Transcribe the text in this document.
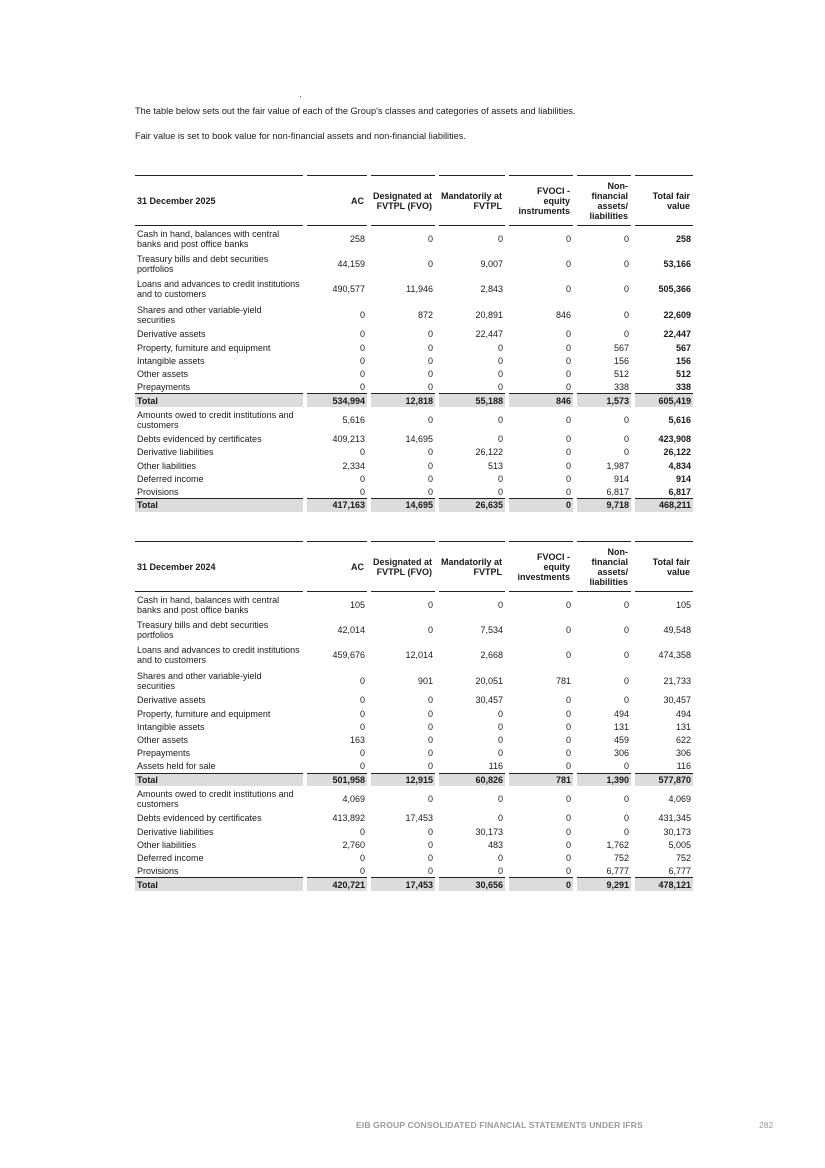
The table below sets out the fair value of each of the Group's classes and categories of assets and liabilities.

Fair value is set to book value for non-financial assets and non-financial liabilities.

31 December 2025	AC	Designated at FVTPL (FVO)	Mandatorily at FVTPL	FVOCI - equity instruments	Non-financial assets/ liabilities	Total fair value
Cash in hand, balances with central banks and post office banks	258	0	0	0	0	258
Treasury bills and debt securities portfolios	44,159	0	9,007	0	0	53,166
Loans and advances to credit institutions and to customers	490,577	11,946	2,843	0	0	505,366
Shares and other variable-yield securities	0	872	20,891	846	0	22,609
Derivative assets	0	0	22,447	0	0	22,447
Property, furniture and equipment	0	0	0	0	567	567
Intangible assets	0	0	0	0	156	156
Other assets	0	0	0	0	512	512
Prepayments	0	0	0	0	338	338
Total	534,994	12,818	55,188	846	1,573	605,419
Amounts owed to credit institutions and customers	5,616	0	0	0	0	5,616
Debts evidenced by certificates	409,213	14,695	0	0	0	423,908
Derivative liabilities	0	0	26,122	0	0	26,122
Other liabilities	2,334	0	513	0	1,987	4,834
Deferred income	0	0	0	0	914	914
Provisions	0	0	0	0	6,817	6,817
Total	417,163	14,695	26,635	0	9,718	468,211
31 December 2024	AC	Designated at FVTPL (FVO)	Mandatorily at FVTPL	FVOCI - equity investments	Non-financial assets/ liabilities	Total fair value
Cash in hand, balances with central banks and post office banks	105	0	0	0	0	105
Treasury bills and debt securities portfolios	42,014	0	7,534	0	0	49,548
Loans and advances to credit institutions and to customers	459,676	12,014	2,668	0	0	474,358
Shares and other variable-yield securities	0	901	20,051	781	0	21,733
Derivative assets	0	0	30,457	0	0	30,457
Property, furniture and equipment	0	0	0	0	494	494
Intangible assets	0	0	0	0	131	131
Other assets	163	0	0	0	459	622
Prepayments	0	0	0	0	306	306
Assets held for sale	0	0	116	0	0	116
Total	501,958	12,915	60,826	781	1,390	577,870
Amounts owed to credit institutions and customers	4,069	0	0	0	0	4,069
Debts evidenced by certificates	413,892	17,453	0	0	0	431,345
Derivative liabilities	0	0	30,173	0	0	30,173
Other liabilities	2,760	0	483	0	1,762	5,005
Deferred income	0	0	0	0	752	752
Provisions	0	0	0	0	6,777	6,777
Total	420,721	17,453	30,656	0	9,291	478,121
EIB GROUP CONSOLIDATED FINANCIAL STATEMENTS UNDER IFRS	282
